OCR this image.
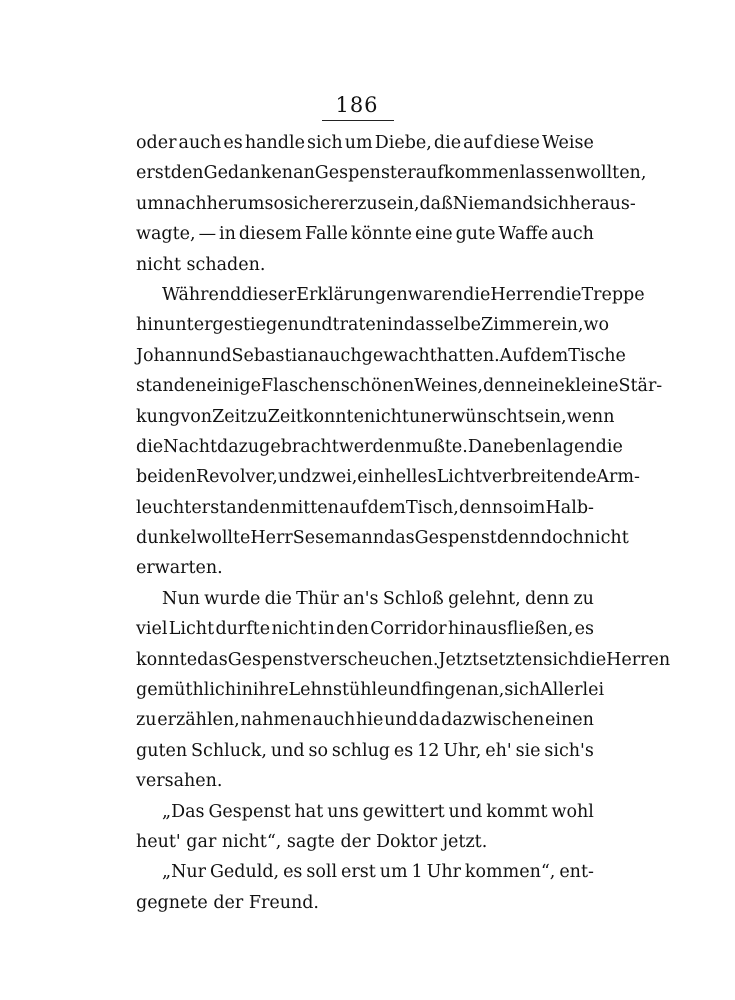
186
oder auch es handle sich um Diebe, die auf diese Weise
erst den Gedanken an Gespenster aufkommen lassen wollten,
um nachher um so sicherer zu sein, daß Niemand sich heraus-
wagte, — in diesem Falle könnte eine gute Waffe auch
nicht schaden.
Während dieser Erklärungen waren die Herren die Treppe
hinuntergestiegen und traten in dasselbe Zimmer ein, wo
Johann und Sebastian auch gewacht hatten. Auf dem Tische
standen einige Flaschen schönen Weines, denn eine kleine Stär-
kung von Zeit zu Zeit konnte nicht unerwünscht sein, wenn
die Nacht da zugebracht werden mußte. Daneben lagen die
beiden Revolver, und zwei, ein helles Licht verbreitende Arm-
leuchter standen mitten auf dem Tisch, denn so im Halb-
dunkel wollte Herr Sesemann das Gespenst denn doch nicht
erwarten.
Nun wurde die Thür an's Schloß gelehnt, denn zu
viel Licht durfte nicht in den Corridor hinausfließen, es
konnte das Gespenst verscheuchen. Jetzt setzten sich die Herren
gemüthlich in ihre Lehnstühle und fingen an, sich Allerlei
zu erzählen, nahmen auch hie und da dazwischen einen
guten Schluck, und so schlug es 12 Uhr, eh' sie sich's
versahen.
„Das Gespenst hat uns gewittert und kommt wohl
heut' gar nicht“, sagte der Doktor jetzt.
„Nur Geduld, es soll erst um 1 Uhr kommen“, ent-
gegnete der Freund.
